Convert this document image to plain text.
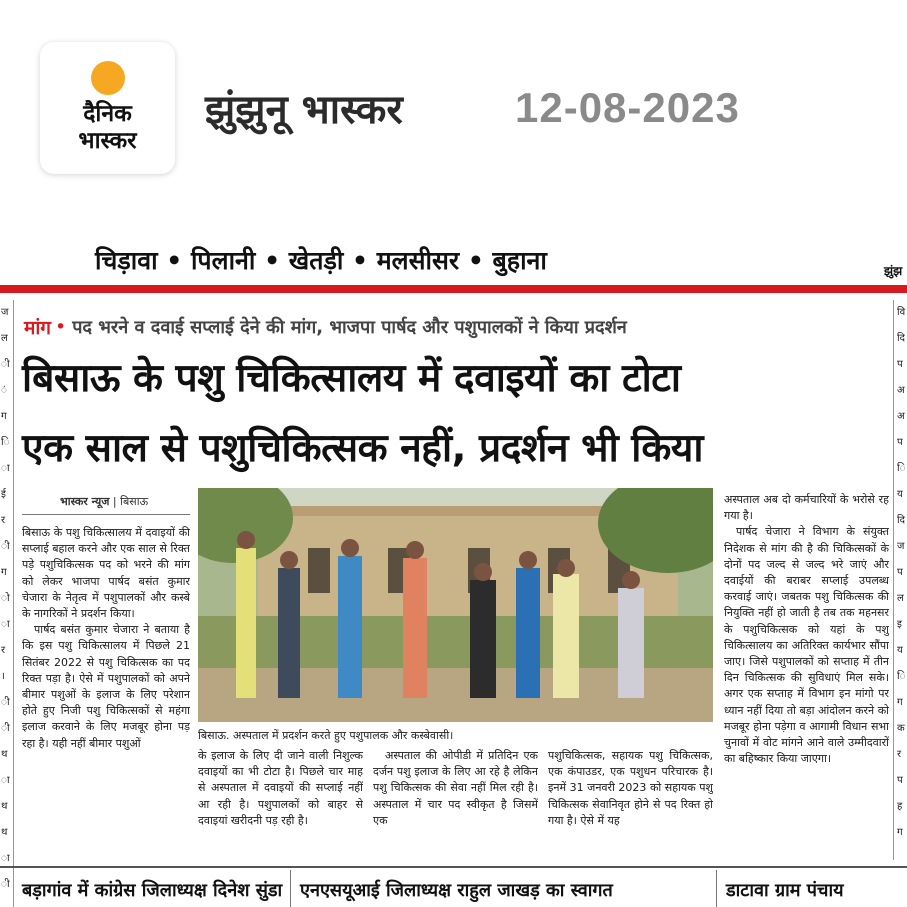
दैनिक
भास्कर
झुंझुनू भास्कर	12-08-2023
चिड़ावा • पिलानी • खेतड़ी • मलसीसर • बुहाना	झुंझ
ज
ल
ी
ं
ग
ि
ा
ई
र
ी
ग
ो
ा
र
।
ी
ी
थ
ा
थ
थ
ा
ी
वि
दि
प
अ
अ
प
ि
य
दि
ज
प
ल
इ
य
ि
ग
क
र
प
ह
ग
मांग • पद भरने व दवाई सप्लाई देने की मांग, भाजपा पार्षद और पशुपालकों ने किया प्रदर्शन
बिसाऊ के पशु चिकित्सालय में दवाइयों का टोटा
एक साल से पशुचिकित्सक नहीं, प्रदर्शन भी किया
भास्कर न्यूज | बिसाऊ
बिसाऊ. अस्पताल में प्रदर्शन करते हुए पशुपालक और कस्बेवासी।

बिसाऊ के पशु चिकित्सालय में दवाइयों की सप्लाई बहाल करने और एक साल से रिक्त पड़े पशुचिकित्सक पद को भरने की मांग को लेकर भाजपा पार्षद बसंत कुमार चेजारा के नेतृत्व में पशुपालकों और कस्बे के नागरिकों ने प्रदर्शन किया।

पार्षद बसंत कुमार चेजारा ने बताया है कि इस पशु चिकित्सालय में पिछले 21 सितंबर 2022 से पशु चिकित्सक का पद रिक्त पड़ा है। ऐसे में पशुपालकों को अपने बीमार पशुओं के इलाज के लिए परेशान होते हुए निजी पशु चिकित्सकों से महंगा इलाज करवाने के लिए मजबूर होना पड़ रहा है। यही नहीं बीमार पशुओं

के इलाज के लिए दी जाने वाली निशुल्क दवाइयों का भी टोटा है। पिछले चार माह से अस्पताल में दवाइयों की सप्लाई नहीं आ रही है। पशुपालकों को बाहर से दवाइयां खरीदनी पड़ रही है।

अस्पताल की ओपीडी में प्रतिदिन एक दर्जन पशु इलाज के लिए आ रहे है लेकिन पशु चिकित्सक की सेवा नहीं मिल रही है। अस्पताल में चार पद स्वीकृत है जिसमें एक

पशुचिकित्सक, सहायक पशु चिकित्सक, एक कंपाउडर, एक पशुधन परिचारक है। इनमें 31 जनवरी 2023 को सहायक पशु चिकित्सक सेवानिवृत होने से पद रिक्त हो गया है। ऐसे में यह

अस्पताल अब दो कर्मचारियों के भरोसे रह गया है।

पार्षद चेजारा ने विभाग के संयुक्त निदेशक से मांग की है की चिकित्सकों के दोनों पद जल्द से जल्द भरे जाएं और दवाईयों की बराबर सप्लाई उपलब्ध करवाई जाएं। जबतक पशु चिकित्सक की नियुक्ति नहीं हो जाती है तब तक महनसर के पशुचिकित्सक को यहां के पशु चिकित्सालय का अतिरिक्त कार्यभार सौंपा जाए। जिसे पशुपालकों को सप्ताह में तीन दिन चिकित्सक की सुविधाएं मिल सके। अगर एक सप्ताह में विभाग इन मांगो पर ध्यान नहीं दिया तो बड़ा आंदोलन करने को मजबूर होना पड़ेगा व आगामी विधान सभा चुनावों में वोट मांगने आने वाले उम्मीदवारों का बहिष्कार किया जाएगा।

बड़ागांव में कांग्रेस जिलाध्यक्ष दिनेश सुंडा एनएसयूआई जिलाध्यक्ष राहुल जाखड़ का स्वागत	डाटावा ग्राम पंचाय
